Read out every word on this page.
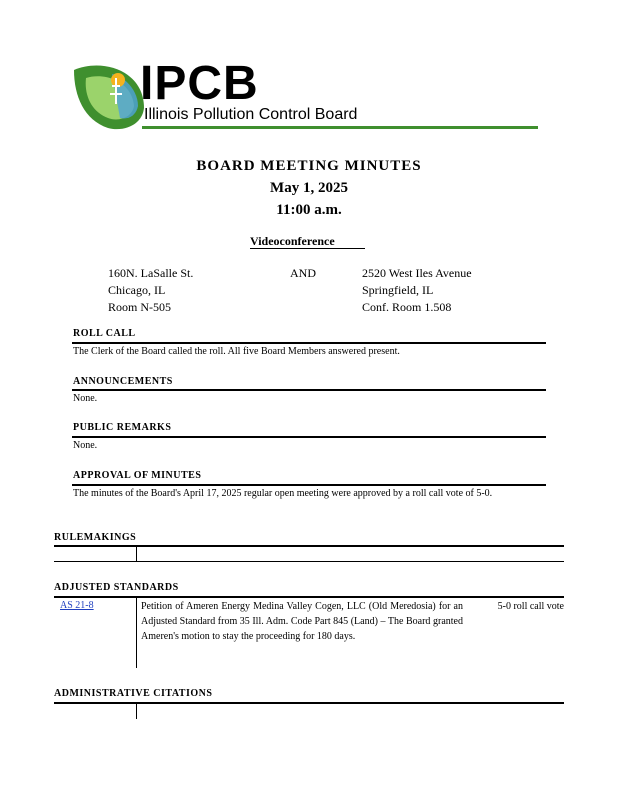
IPCB
Illinois Pollution Control Board
BOARD MEETING MINUTES
May 1, 2025
11:00 a.m.
Videoconference
160N. LaSalle St.
Chicago, IL
Room N-505
AND	2520 West Iles Avenue
Springfield, IL
Conf. Room 1.508
ROLL CALL
The Clerk of the Board called the roll. All five Board Members answered present.
ANNOUNCEMENTS
None.
PUBLIC REMARKS
None.
APPROVAL OF MINUTES
The minutes of the Board's April 17, 2025 regular open meeting were approved by a roll call vote of 5-0.
RULEMAKINGS
ADJUSTED STANDARDS
AS 21-8	Petition of Ameren Energy Medina Valley Cogen, LLC (Old Meredosia) for an Adjusted Standard from 35 Ill. Adm. Code Part 845 (Land) – The Board granted Ameren's motion to stay the proceeding for 180 days.
5-0 roll call vote
ADMINISTRATIVE CITATIONS
